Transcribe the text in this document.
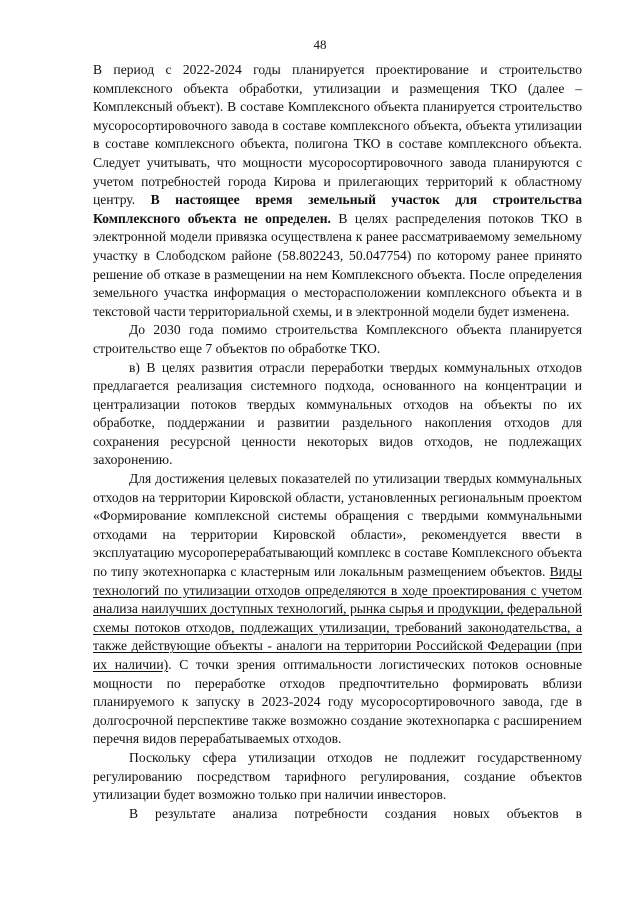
48

В период с 2022-2024 годы планируется проектирование и строительство комплексного объекта обработки, утилизации и размещения ТКО (далее – Комплексный объект). В составе Комплексного объекта планируется строительство мусоросортировочного завода в составе комплексного объекта, объекта утилизации в составе комплексного объекта, полигона ТКО в составе комплексного объекта. Следует учитывать, что мощности мусоросортировочного завода планируются с учетом потребностей города Кирова и прилегающих территорий к областному центру. В настоящее время земельный участок для строительства Комплексного объекта не определен. В целях распределения потоков ТКО в электронной модели привязка осуществлена к ранее рассматриваемому земельному участку в Слободском районе (58.802243, 50.047754) по которому ранее принято решение об отказе в размещении на нем Комплексного объекта. После определения земельного участка информация о месторасположении комплексного объекта и в текстовой части территориальной схемы, и в электронной модели будет изменена.

До 2030 года помимо строительства Комплексного объекта планируется строительство еще 7 объектов по обработке ТКО.

в) В целях развития отрасли переработки твердых коммунальных отходов предлагается реализация системного подхода, основанного на концентрации и централизации потоков твердых коммунальных отходов на объекты по их обработке, поддержании и развитии раздельного накопления отходов для сохранения ресурсной ценности некоторых видов отходов, не подлежащих захоронению.

Для достижения целевых показателей по утилизации твердых коммунальных отходов на территории Кировской области, установленных региональным проектом «Формирование комплексной системы обращения с твердыми коммунальными отходами на территории Кировской области», рекомендуется ввести в эксплуатацию мусороперерабатывающий комплекс в составе Комплексного объекта по типу экотехнопарка с кластерным или локальным размещением объектов. Виды технологий по утилизации отходов определяются в ходе проектирования с учетом анализа наилучших доступных технологий, рынка сырья и продукции, федеральной схемы потоков отходов, подлежащих утилизации, требований законодательства, а также действующие объекты - аналоги на территории Российской Федерации (при их наличии). С точки зрения оптимальности логистических потоков основные мощности по переработке отходов предпочтительно формировать вблизи планируемого к запуску в 2023-2024 году мусоросортировочного завода, где в долгосрочной перспективе также возможно создание экотехнопарка с расширением перечня видов перерабатываемых отходов.

Поскольку сфера утилизации отходов не подлежит государственному регулированию посредством тарифного регулирования, создание объектов утилизации будет возможно только при наличии инвесторов.

В результате анализа потребности создания новых объектов в
